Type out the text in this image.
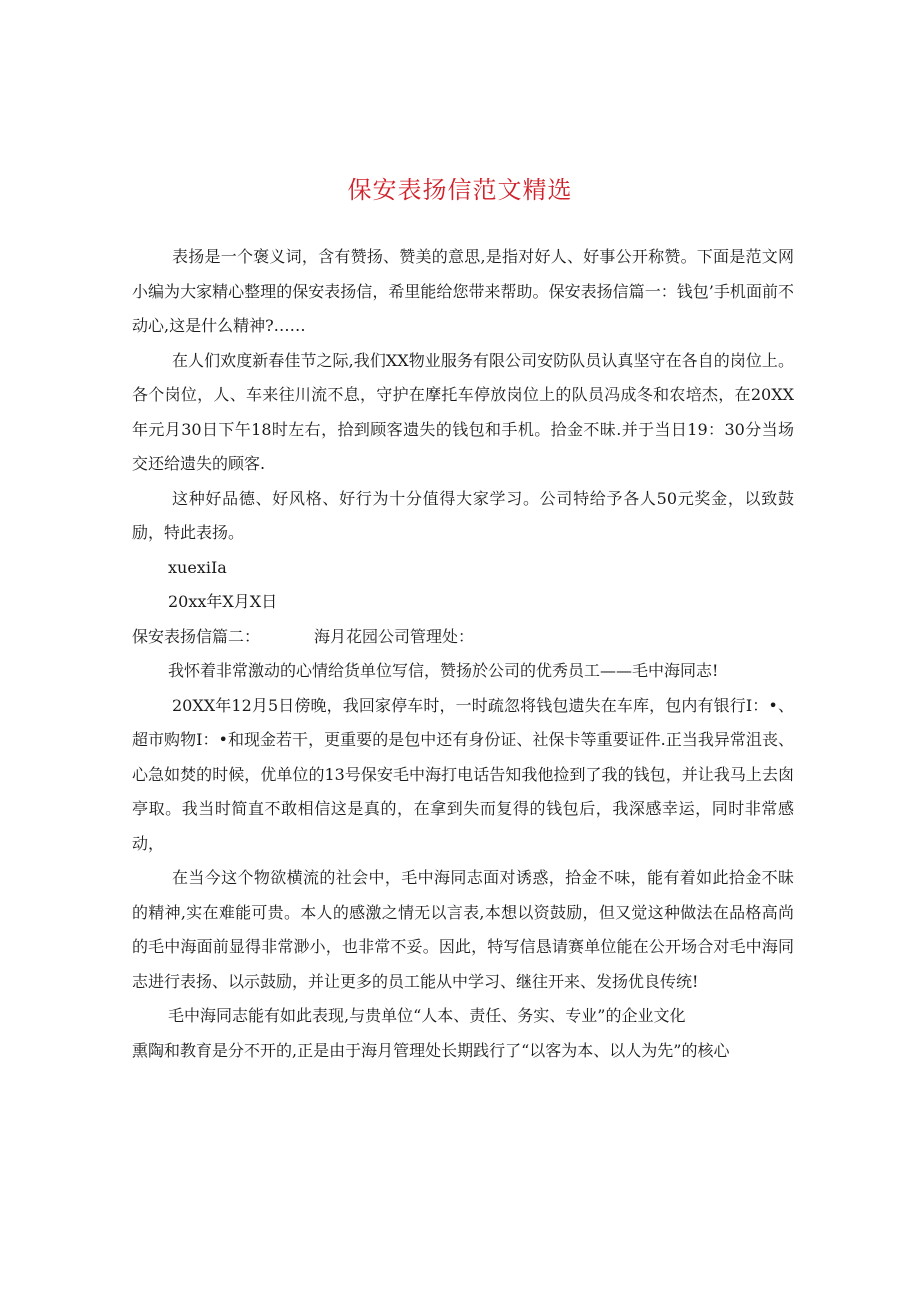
保安表扬信范文精选

表扬是一个褒义词，含有赞扬、赞美的意思,是指对好人、好事公开称赞。下面是范文网小编为大家精心整理的保安表扬信，希里能给您带来帮助。保安表扬信篇一：钱包’手机面前不动心,这是什么精神?……

在人们欢度新春佳节之际,我们XX物业服务有限公司安防队员认真坚守在各自的岗位上。各个岗位，人、车来往川流不息，守护在摩托车停放岗位上的队员冯成冬和农培杰，在20XX年元月30日下午18时左右，拾到顾客遗失的钱包和手机。拾金不昧.并于当日19：30分当场交还给遗失的顾客.

这种好品德、好风格、好行为十分值得大家学习。公司特给予各人50元奖金，以致鼓励，特此表扬。

xuexiIa

20xx年X月X日

保安表扬信篇二：	海月花园公司管理处：

我怀着非常激动的心情给货单位写信，赞扬於公司的优秀员工——毛中海同志!

20XX年12月5日傍晚，我回家停车时，一时疏忽将钱包遗失在车库，包内有银行I：•、超市购物I：•和现金若干，更重要的是包中还有身份证、社保卡等重要证件.正当我异常沮丧、心急如焚的时候，优单位的13号保安毛中海打电话告知我他捡到了我的钱包，并让我马上去囱亭取。我当时简直不敢相信这是真的，在拿到失而复得的钱包后，我深感幸运，同时非常感动，

在当今这个物欲横流的社会中，毛中海同志面对诱惑，拾金不味，能有着如此拾金不昧的精神,实在难能可贵。本人的感激之情无以言表,本想以资鼓励，但又觉这种做法在品格高尚的毛中海面前显得非常渺小，也非常不妥。因此，特写信恳请赛单位能在公开场合对毛中海同志进行表扬、以示鼓励，并让更多的员工能从中学习、继往开来、发扬优良传统!

毛中海同志能有如此表现,与贵单位“人本、责任、务实、专业”的企业文化

熏陶和教育是分不开的,正是由于海月管理处长期践行了“以客为本、以人为先”的核心
